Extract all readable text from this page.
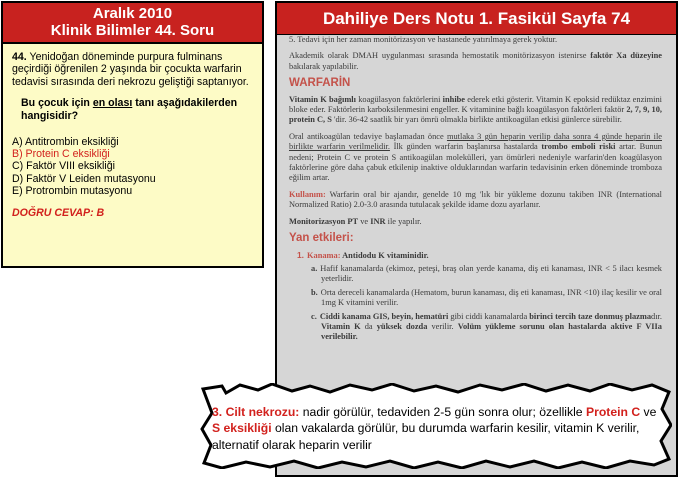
Aralık 2010
Klinik Bilimler 44. Soru

44. Yenidoğan döneminde purpura fulminans geçirdiği öğrenilen 2 yaşında bir çocukta warfarin tedavisi sırasında deri nekrozu geliştiği saptanıyor.

Bu çocuk için en olası tanı aşağıdakilerden hangisidir?

A) Antitrombin eksikliği
B) Protein C eksikliği
C) Faktör VIII eksikliği
D) Faktör V Leiden mutasyonu
E) Protrombin mutasyonu
DOĞRU CEVAP: B
Dahiliye Ders Notu 1. Fasikül Sayfa 74

5. Tedavi için her zaman monitörizasyon ve hastanede yatırılmaya gerek yoktur.

Akademik olarak DMAH uygulanması sırasında hemostatik monitörizasyon istenirse faktör Xa düzeyine bakılarak yapılabilir.

WARFARİN

Vitamin K bağımlı koagülasyon faktörlerini inhibe ederek etki gösterir. Vitamin K epoksid redüktaz enzimini bloke eder. Faktörlerin karboksilenmesini engeller. K vitaminine bağlı koagülasyon faktörleri faktör 2, 7, 9, 10, protein C, S 'dir. 36-42 saatlik bir yarı ömrü olmakla birlikte antikoagülan etkisi günlerce sürebilir.

Oral antikoagülan tedaviye başlamadan önce mutlaka 3 gün heparin verilip daha sonra 4 günde heparin ile birlikte warfarin verilmelidir. İlk günden warfarin başlanırsa hastalarda trombo emboli riski artar. Bunun nedeni; Protein C ve protein S antikoagülan molekülleri, yarı ömürleri nedeniyle warfarin'den koagülasyon faktörlerine göre daha çabuk etkilenip inaktive olduklarından warfarin tedavisinin erken döneminde tromboza eğilim artar.

Kullanım: Warfarin oral bir ajandır, genelde 10 mg 'lık bir yükleme dozunu takiben INR (International Normalized Ratio) 2.0-3.0 arasında tutulacak şekilde idame dozu ayarlanır.

Monitorizasyon PT ve INR ile yapılır.

Yan etkileri:

1. Kanama: Antidodu K vitaminidir.
a. Hafif kanamalarda (ekimoz, peteşi, braş olan yerde kanama, diş eti kanaması, INR < 5 ilacı kesmek yeterlidir.
b. Orta dereceli kanamalarda (Hematom, burun kanaması, diş eti kanaması, INR <10) ilaç kesilir ve oral 1mg K vitamini verilir.
c. Ciddi kanama GIS, beyin, hematüri gibi ciddi kanamalarda birinci tercih taze donmuş plazmadır. Vitamin K da yüksek dozda verilir. Volüm yükleme sorunu olan hastalarda aktive F VIIa verilebilir.
3. Cilt nekrozu: nadir görülür, tedaviden 2-5 gün sonra olur; özellikle Protein C ve S eksikliği olan vakalarda görülür, bu durumda warfarin kesilir, vitamin K verilir, alternatif olarak heparin verilir
